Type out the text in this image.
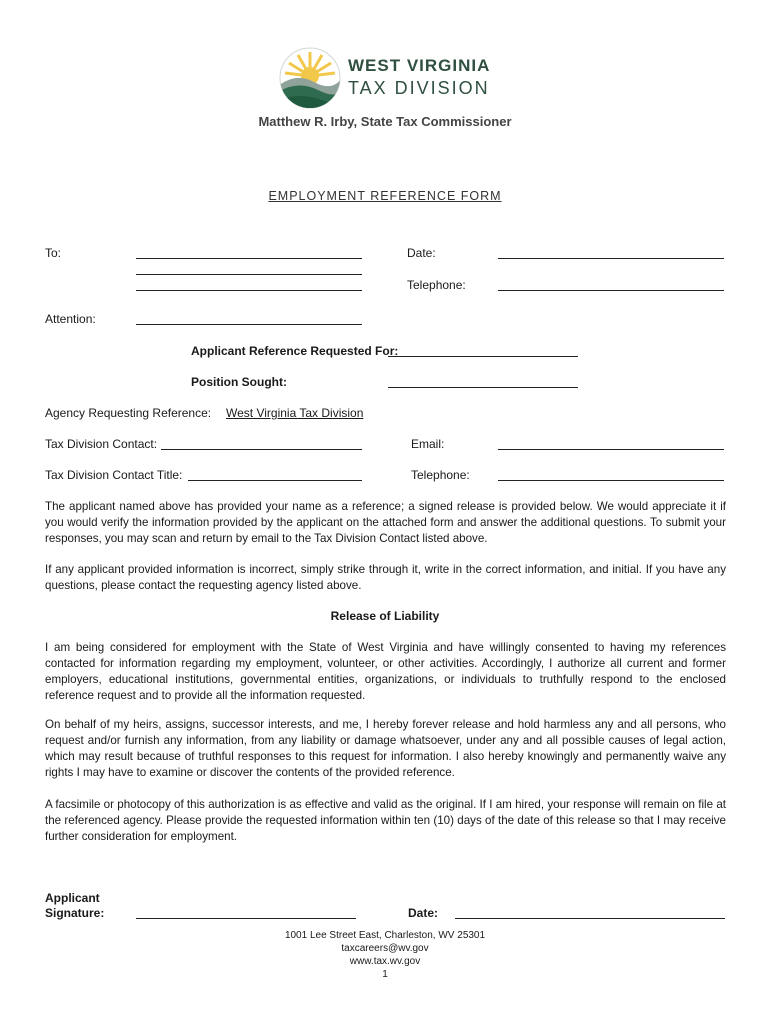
WEST VIRGINIA
TAX DIVISION
Matthew R. Irby, State Tax Commissioner
EMPLOYMENT REFERENCE FORM
To:	Date:
Telephone:
Attention:
Applicant Reference Requested For:
Position Sought:
Agency Requesting Reference: West Virginia Tax Division
Tax Division Contact:	Email:
Tax Division Contact Title:	Telephone:
The applicant named above has provided your name as a reference; a signed release is provided below. We would appreciate it if you would verify the information provided by the applicant on the attached form and answer the additional questions. To submit your responses, you may scan and return by email to the Tax Division Contact listed above.
If any applicant provided information is incorrect, simply strike through it, write in the correct information, and initial. If you have any questions, please contact the requesting agency listed above.
Release of Liability
I am being considered for employment with the State of West Virginia and have willingly consented to having my references contacted for information regarding my employment, volunteer, or other activities. Accordingly, I authorize all current and former employers, educational institutions, governmental entities, organizations, or individuals to truthfully respond to the enclosed reference request and to provide all the information requested.
On behalf of my heirs, assigns, successor interests, and me, I hereby forever release and hold harmless any and all persons, who request and/or furnish any information, from any liability or damage whatsoever, under any and all possible causes of legal action, which may result because of truthful responses to this request for information. I also hereby knowingly and permanently waive any rights I may have to examine or discover the contents of the provided reference.
A facsimile or photocopy of this authorization is as effective and valid as the original. If I am hired, your response will remain on file at the referenced agency. Please provide the requested information within ten (10) days of the date of this release so that I may receive further consideration for employment.
Applicant
Signature:	Date:
1001 Lee Street East, Charleston, WV 25301
taxcareers@wv.gov
www.tax.wv.gov
1
